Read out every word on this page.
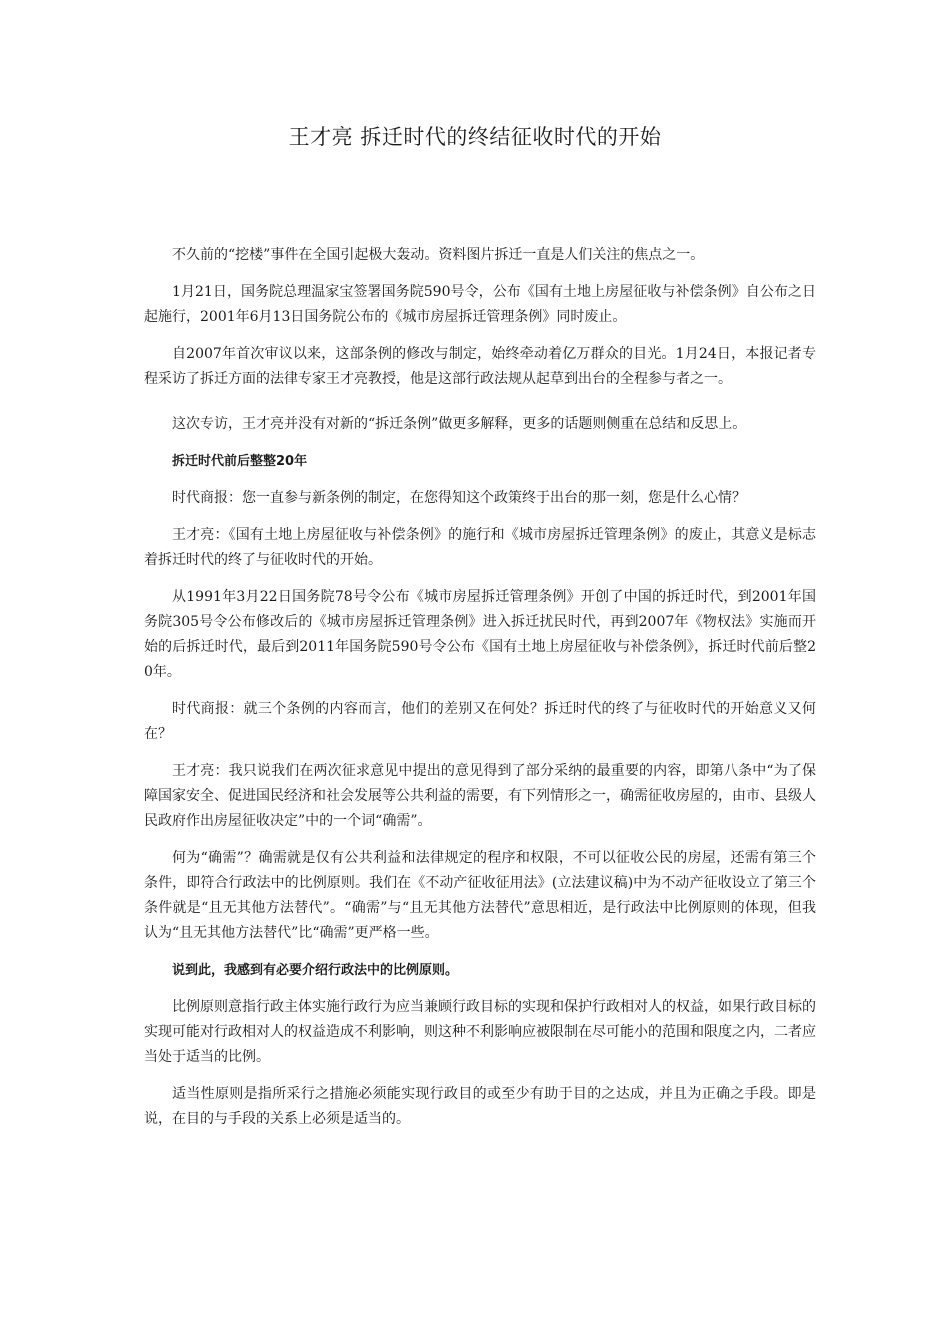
王才亮 拆迁时代的终结征收时代的开始

不久前的“挖楼”事件在全国引起极大轰动。资料图片拆迁一直是人们关注的焦点之一。

1月21日，国务院总理温家宝签署国务院590号令，公布《国有土地上房屋征收与补偿条例》自公布之日起施行，2001年6月13日国务院公布的《城市房屋拆迁管理条例》同时废止。

自2007年首次审议以来，这部条例的修改与制定，始终牵动着亿万群众的目光。1月24日，本报记者专程采访了拆迁方面的法律专家王才亮教授，他是这部行政法规从起草到出台的全程参与者之一。

这次专访，王才亮并没有对新的“拆迁条例”做更多解释，更多的话题则侧重在总结和反思上。

拆迁时代前后整整20年

时代商报：您一直参与新条例的制定，在您得知这个政策终于出台的那一刻，您是什么心情？

王才亮：《国有土地上房屋征收与补偿条例》的施行和《城市房屋拆迁管理条例》的废止，其意义是标志着拆迁时代的终了与征收时代的开始。

从1991年3月22日国务院78号令公布《城市房屋拆迁管理条例》开创了中国的拆迁时代，到2001年国务院305号令公布修改后的《城市房屋拆迁管理条例》进入拆迁扰民时代，再到2007年《物权法》实施而开始的后拆迁时代，最后到2011年国务院590号令公布《国有土地上房屋征收与补偿条例》，拆迁时代前后整20年。

时代商报：就三个条例的内容而言，他们的差别又在何处？拆迁时代的终了与征收时代的开始意义又何在？

王才亮：我只说我们在两次征求意见中提出的意见得到了部分采纳的最重要的内容，即第八条中“为了保障国家安全、促进国民经济和社会发展等公共利益的需要，有下列情形之一，确需征收房屋的，由市、县级人民政府作出房屋征收决定”中的一个词“确需”。

何为“确需”？确需就是仅有公共利益和法律规定的程序和权限，不可以征收公民的房屋，还需有第三个条件，即符合行政法中的比例原则。我们在《不动产征收征用法》(立法建议稿)中为不动产征收设立了第三个条件就是“且无其他方法替代”。“确需”与“且无其他方法替代”意思相近，是行政法中比例原则的体现，但我认为“且无其他方法替代”比“确需”更严格一些。

说到此，我感到有必要介绍行政法中的比例原则。

比例原则意指行政主体实施行政行为应当兼顾行政目标的实现和保护行政相对人的权益，如果行政目标的实现可能对行政相对人的权益造成不利影响，则这种不利影响应被限制在尽可能小的范围和限度之内，二者应当处于适当的比例。

适当性原则是指所采行之措施必须能实现行政目的或至少有助于目的之达成，并且为正确之手段。即是说，在目的与手段的关系上必须是适当的。
